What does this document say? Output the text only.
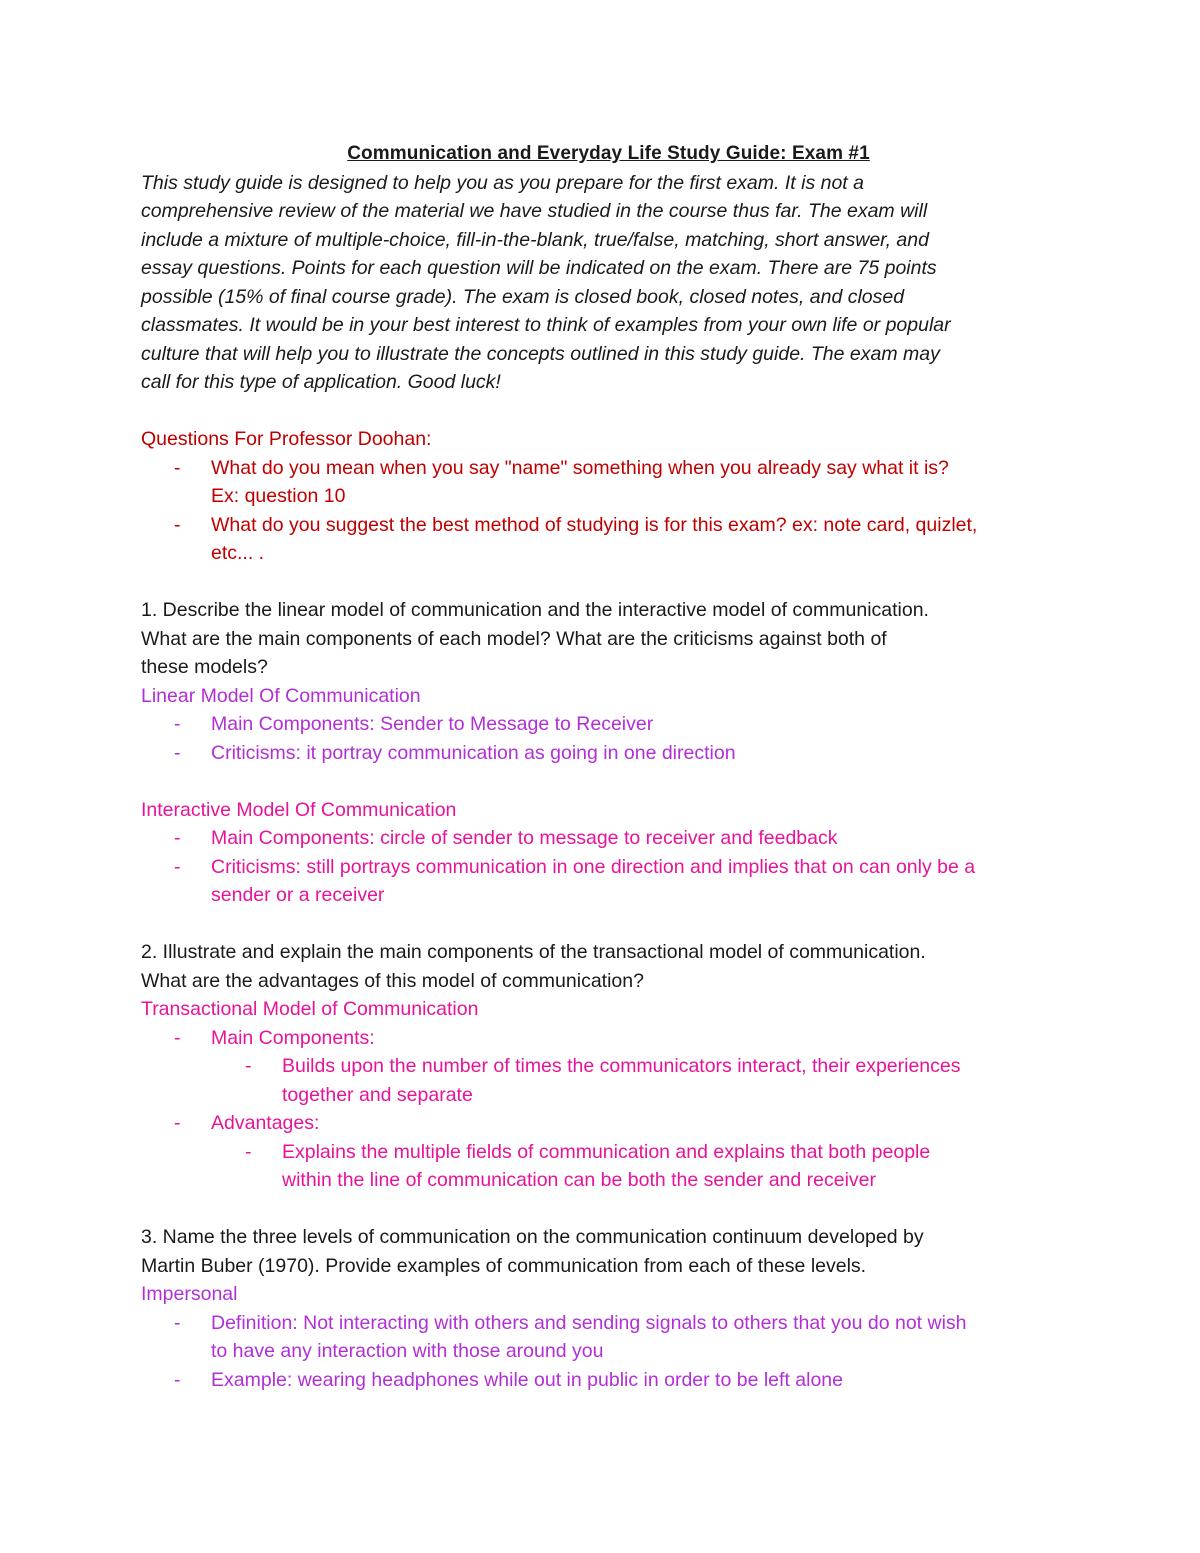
Communication and Everyday Life Study Guide: Exam #1
This study guide is designed to help you as you prepare for the first exam. It is not a
comprehensive review of the material we have studied in the course thus far. The exam will
include a mixture of multiple-choice, fill-in-the-blank, true/false, matching, short answer, and
essay questions. Points for each question will be indicated on the exam. There are 75 points
possible (15% of final course grade). The exam is closed book, closed notes, and closed
classmates. It would be in your best interest to think of examples from your own life or popular
culture that will help you to illustrate the concepts outlined in this study guide. The exam may
call for this type of application. Good luck!
Questions For Professor Doohan:
- What do you mean when you say "name" something when you already say what it is?
Ex: question 10
- What do you suggest the best method of studying is for this exam? ex: note card, quizlet,
etc... .
1. Describe the linear model of communication and the interactive model of communication.
What are the main components of each model? What are the criticisms against both of
these models?
Linear Model Of Communication
- Main Components: Sender to Message to Receiver
- Criticisms: it portray communication as going in one direction
Interactive Model Of Communication
- Main Components: circle of sender to message to receiver and feedback
- Criticisms: still portrays communication in one direction and implies that on can only be a
sender or a receiver
2. Illustrate and explain the main components of the transactional model of communication.
What are the advantages of this model of communication?
Transactional Model of Communication
- Main Components:
- Builds upon the number of times the communicators interact, their experiences
together and separate
- Advantages:
- Explains the multiple fields of communication and explains that both people
within the line of communication can be both the sender and receiver
3. Name the three levels of communication on the communication continuum developed by
Martin Buber (1970). Provide examples of communication from each of these levels.
Impersonal
- Definition: Not interacting with others and sending signals to others that you do not wish
to have any interaction with those around you
- Example: wearing headphones while out in public in order to be left alone
